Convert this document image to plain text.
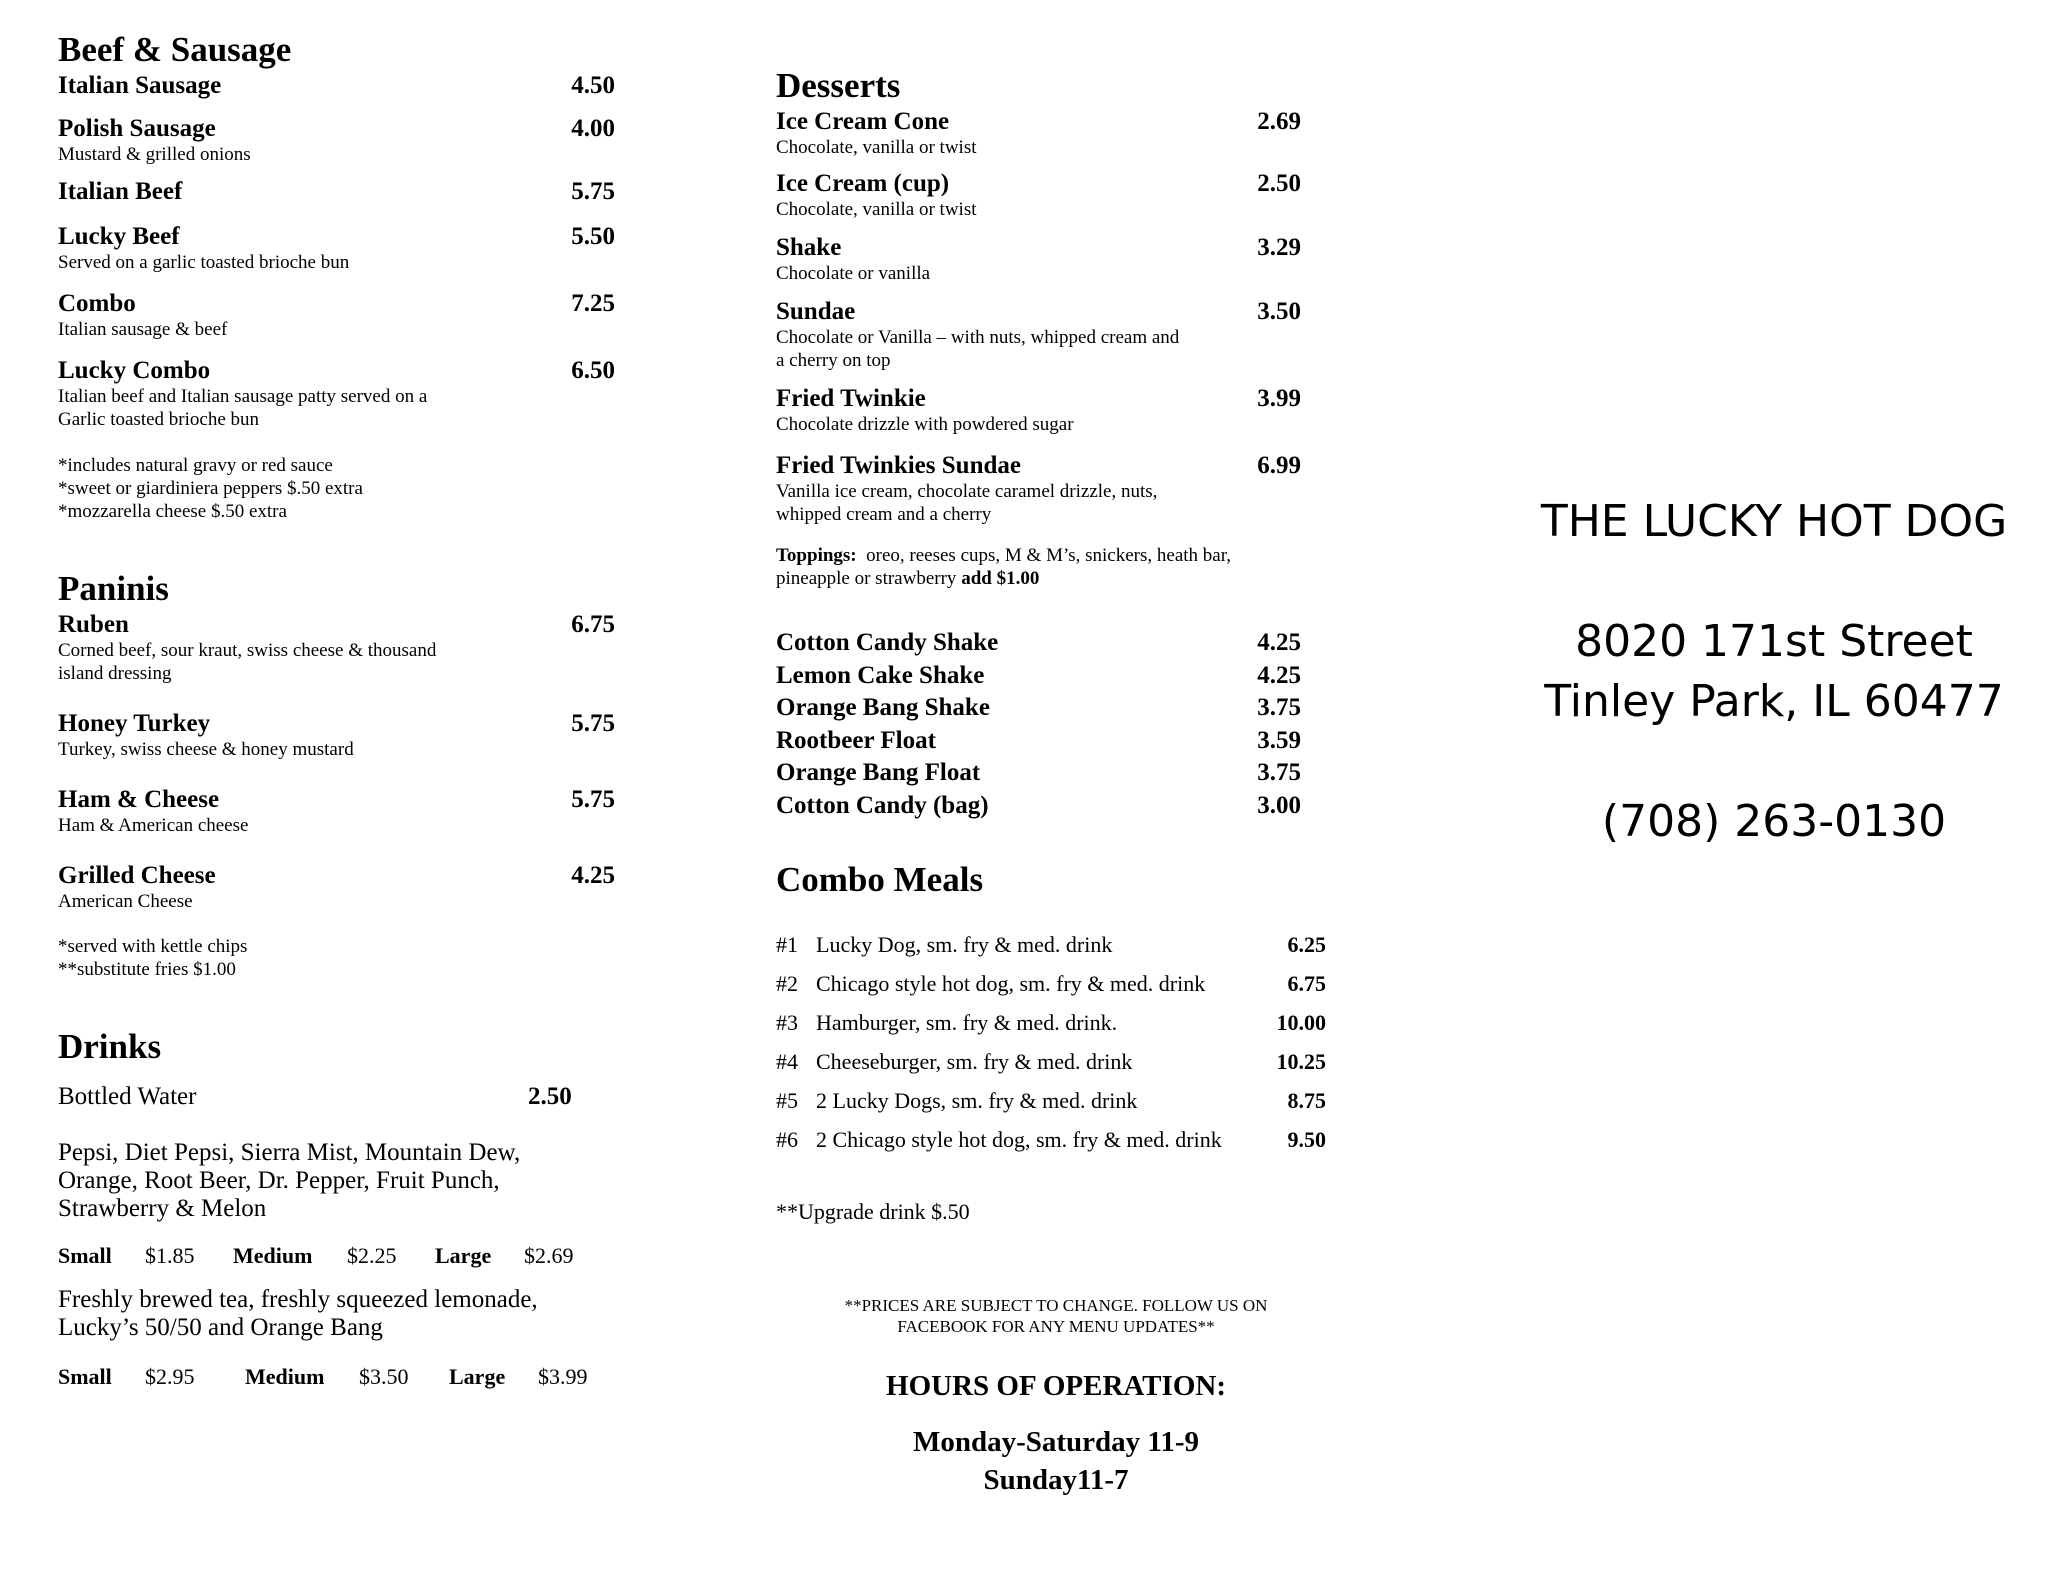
Beef & Sausage
Italian Sausage	4.50
Polish Sausage	4.00
Mustard & grilled onions
Italian Beef	5.75
Lucky Beef	5.50
Served on a garlic toasted brioche bun
Combo	7.25
Italian sausage & beef
Lucky Combo	6.50
Italian beef and Italian sausage patty served on a
Garlic toasted brioche bun
*includes natural gravy or red sauce
*sweet or giardiniera peppers $.50 extra
*mozzarella cheese $.50 extra
Paninis
Ruben	6.75
Corned beef, sour kraut, swiss cheese & thousand
island dressing
Honey Turkey	5.75
Turkey, swiss cheese & honey mustard
Ham & Cheese	5.75
Ham & American cheese
Grilled Cheese	4.25
American Cheese
*served with kettle chips
**substitute fries $1.00
Drinks
Bottled Water	2.50
Pepsi, Diet Pepsi, Sierra Mist, Mountain Dew,
Orange, Root Beer, Dr. Pepper, Fruit Punch,
Strawberry & Melon
Small	$1.85	Medium	$2.25	Large	$2.69
Freshly brewed tea, freshly squeezed lemonade,
Lucky’s 50/50 and Orange Bang
Small	$2.95	Medium	$3.50	Large	$3.99
Desserts
Ice Cream Cone	2.69
Chocolate, vanilla or twist
Ice Cream (cup)	2.50
Chocolate, vanilla or twist
Shake	3.29
Chocolate or vanilla
Sundae	3.50
Chocolate or Vanilla – with nuts, whipped cream and
a cherry on top
Fried Twinkie	3.99
Chocolate drizzle with powdered sugar
Fried Twinkies Sundae	6.99
Vanilla ice cream, chocolate caramel drizzle, nuts,
whipped cream and a cherry
Toppings: oreo, reeses cups, M & M’s, snickers, heath bar,
pineapple or strawberry add $1.00
Cotton Candy Shake	4.25
Lemon Cake Shake	4.25
Orange Bang Shake	3.75
Rootbeer Float	3.59
Orange Bang Float	3.75
Cotton Candy (bag)	3.00
Combo Meals
#1 Lucky Dog, sm. fry & med. drink	6.25
#2 Chicago style hot dog, sm. fry & med. drink	6.75
#3 Hamburger, sm. fry & med. drink.	10.00
#4 Cheeseburger, sm. fry & med. drink	10.25
#5 2 Lucky Dogs, sm. fry & med. drink	8.75
#6 2 Chicago style hot dog, sm. fry & med. drink	9.50
**Upgrade drink $.50
**PRICES ARE SUBJECT TO CHANGE. FOLLOW US ON
FACEBOOK FOR ANY MENU UPDATES**
HOURS OF OPERATION:
Monday-Saturday 11-9
Sunday11-7
THE LUCKY HOT DOG
8020 171st Street
Tinley Park, IL 60477
(708) 263-0130
